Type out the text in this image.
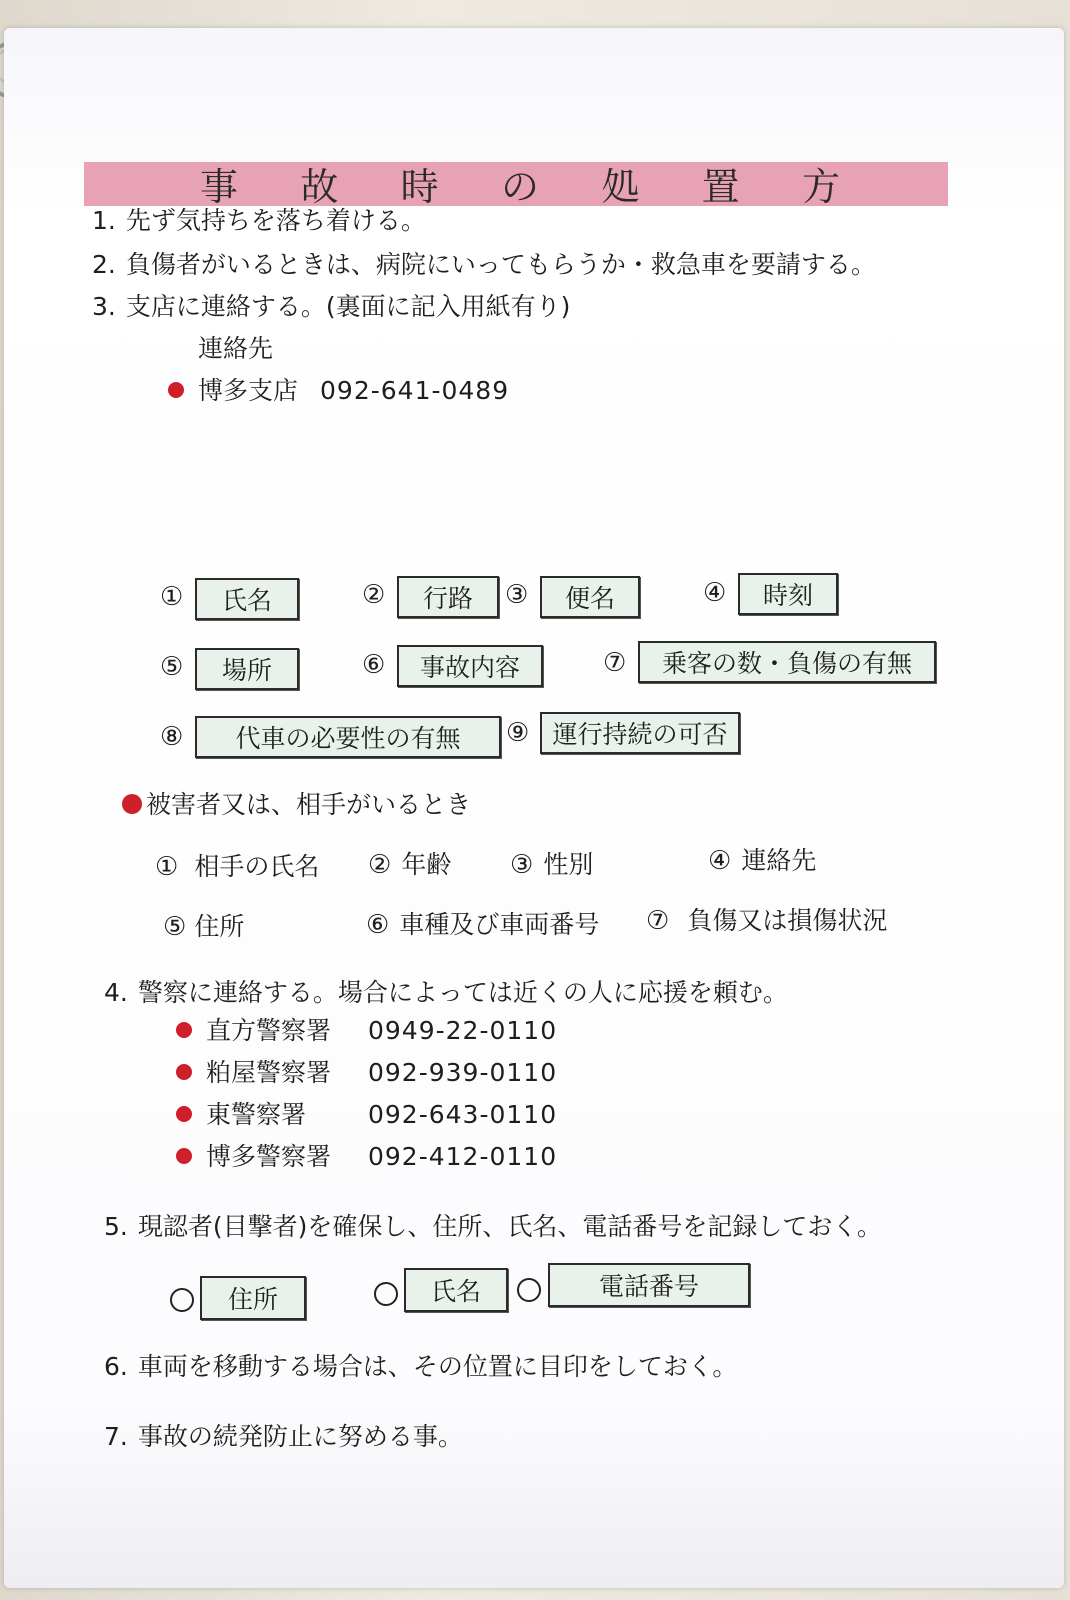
事 故 時 の 処 置 方
1. 先ず気持ちを落ち着ける。
2. 負傷者がいるときは、病院にいってもらうか・救急車を要請する。
3. 支店に連絡する。(裏面に記入用紙有り)
連絡先
博多支店 092-641-0489
①	氏名	②	行路	③	便名	④	時刻
⑤	場所	⑥	事故内容	⑦	乗客の数・負傷の有無
⑧	代車の必要性の有無	⑨ 運行持続の可否
被害者又は、相手がいるとき
① 相手の氏名 ② 年齢 ③ 性別	④ 連絡先
⑤ 住所	⑥ 車種及び車両番号 ⑦ 負傷又は損傷状況
4. 警察に連絡する。場合によっては近くの人に応援を頼む。
直方警察署 0949-22-0110
粕屋警察署 092-939-0110
東警察署 092-643-0110
博多警察署 092-412-0110
5. 現認者(目撃者)を確保し、住所、氏名、電話番号を記録しておく。
住所	氏名	電話番号
6. 車両を移動する場合は、その位置に目印をしておく。
7. 事故の続発防止に努める事。
